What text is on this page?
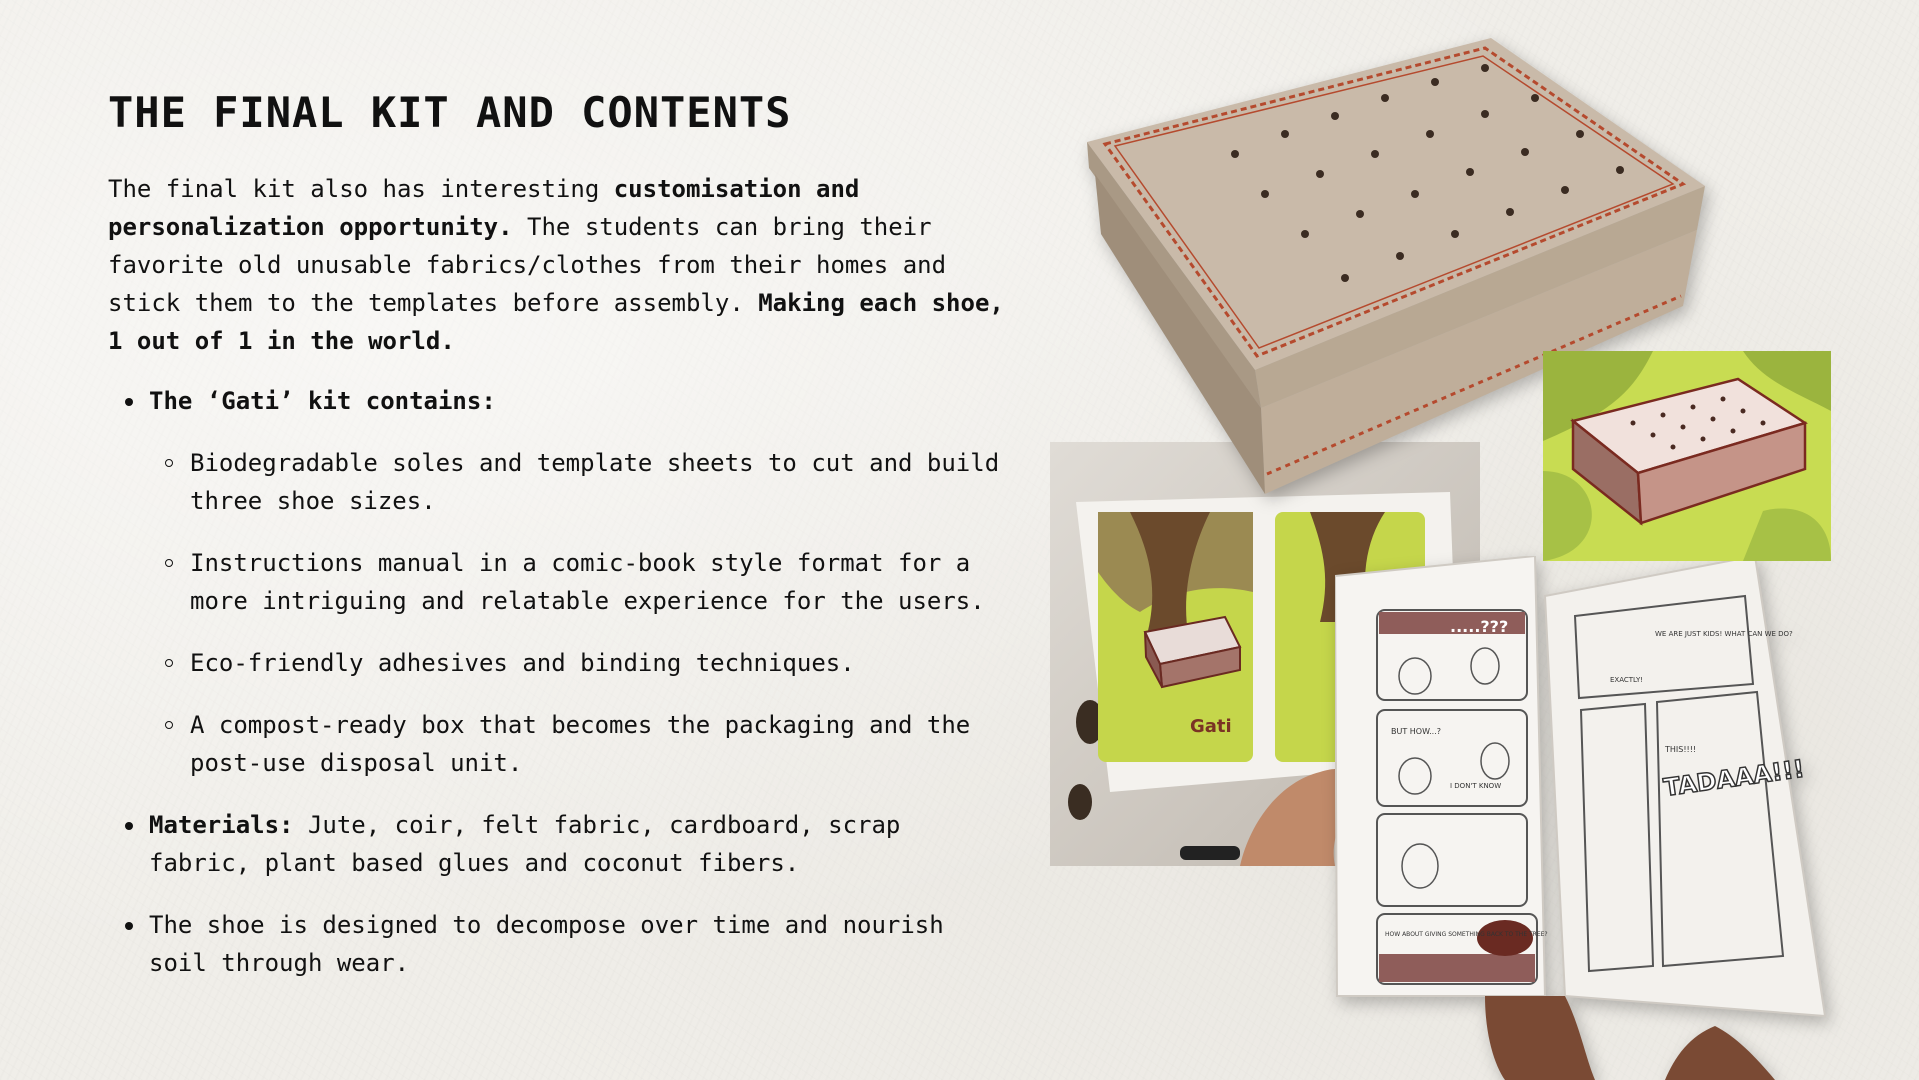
THE FINAL KIT AND CONTENTS

The final kit also has interesting customisation and personalization opportunity. The students can bring their favorite old unusable fabrics/clothes from their homes and stick them to the templates before assembly. Making each shoe, 1 out of 1 in the world.

The ‘Gati’ kit contains:
Biodegradable soles and template sheets to cut and build three shoe sizes.
Instructions manual in a comic-book style format for a more intriguing and relatable experience for the users.
Eco-friendly adhesives and binding techniques.
A compost-ready box that becomes the packaging and the post-use disposal unit.
Materials: Jute, coir, felt fabric, cardboard, scrap fabric, plant based glues and coconut fibers.
The shoe is designed to decompose over time and nourish soil through wear.
Gati
.....???
BUT HOW...?
I DON'T KNOW
HOW ABOUT GIVING SOMETHING BACK TO THE TREE?
WE ARE JUST KIDS! WHAT CAN WE DO?
EXACTLY!
THIS!!!!
TADAAA!!!
